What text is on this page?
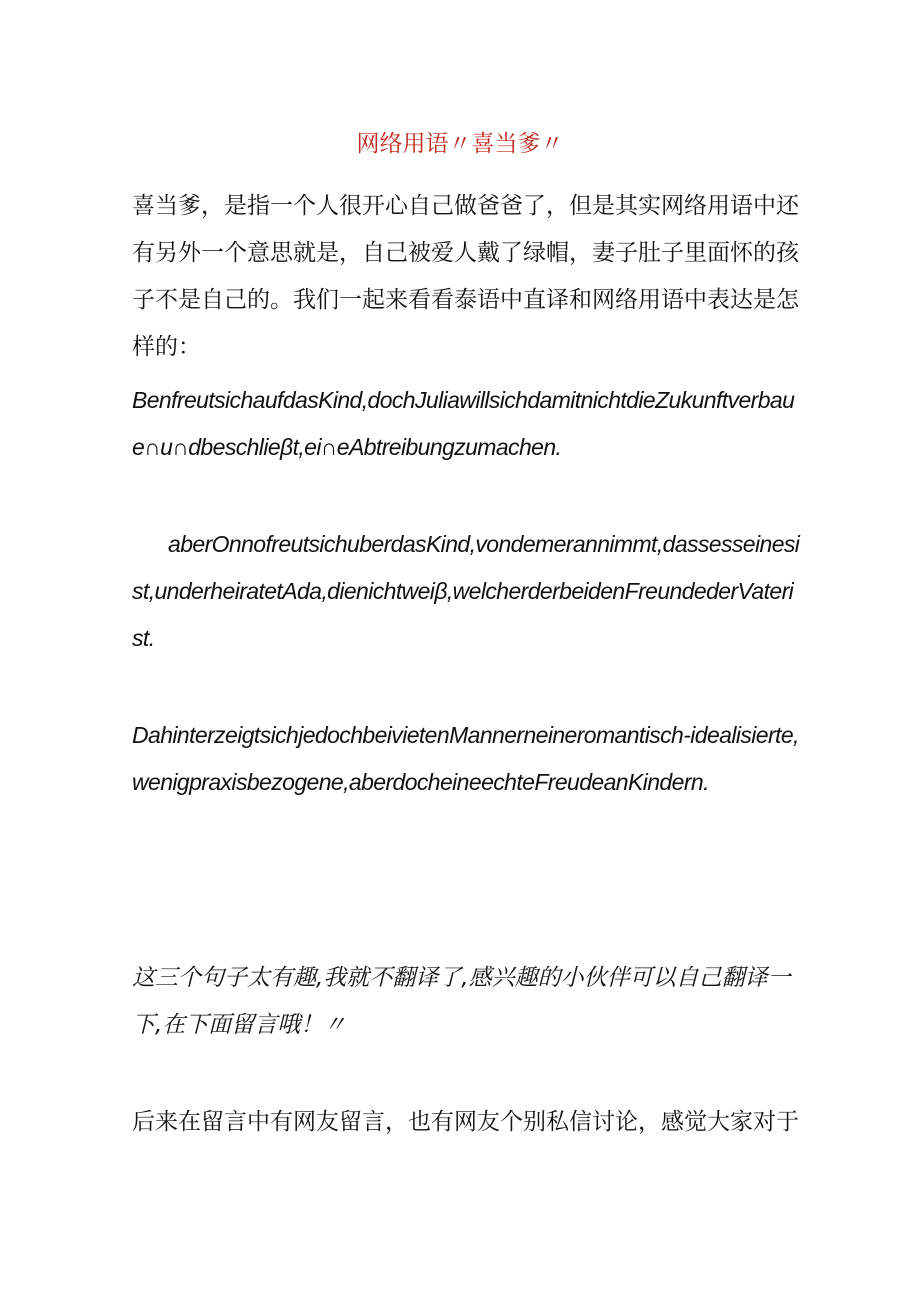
网络用语〃喜当爹〃

喜当爹，是指一个人很开心自己做爸爸了，但是其实网络用语中还有另外一个意思就是，自己被爱人戴了绿帽，妻子肚子里面怀的孩子不是自己的。我们一起来看看泰语中直译和网络用语中表达是怎样的：

BenfreutsichaufdasKind,dochJuliawillsichdamitnichtdieZukunftverbaue∩u∩dbeschlieβt,ei∩eAbtreibungzumachen.

aberOnnofreutsichuberdasKind,vondemerannimmt,dassesseinesist,underheiratetAda,dienichtweiβ,welcherderbeidenFreundederVaterist.

DahinterzeigtsichjedochbeivietenMannerneineromantisch-idealisierte,wenigpraxisbezogene,aberdocheineechteFreudeanKindern.

这三个句子太有趣,我就不翻译了,感兴趣的小伙伴可以自己翻译一下,在下面留言哦！〃

后来在留言中有网友留言，也有网友个别私信讨论，感觉大家对于
